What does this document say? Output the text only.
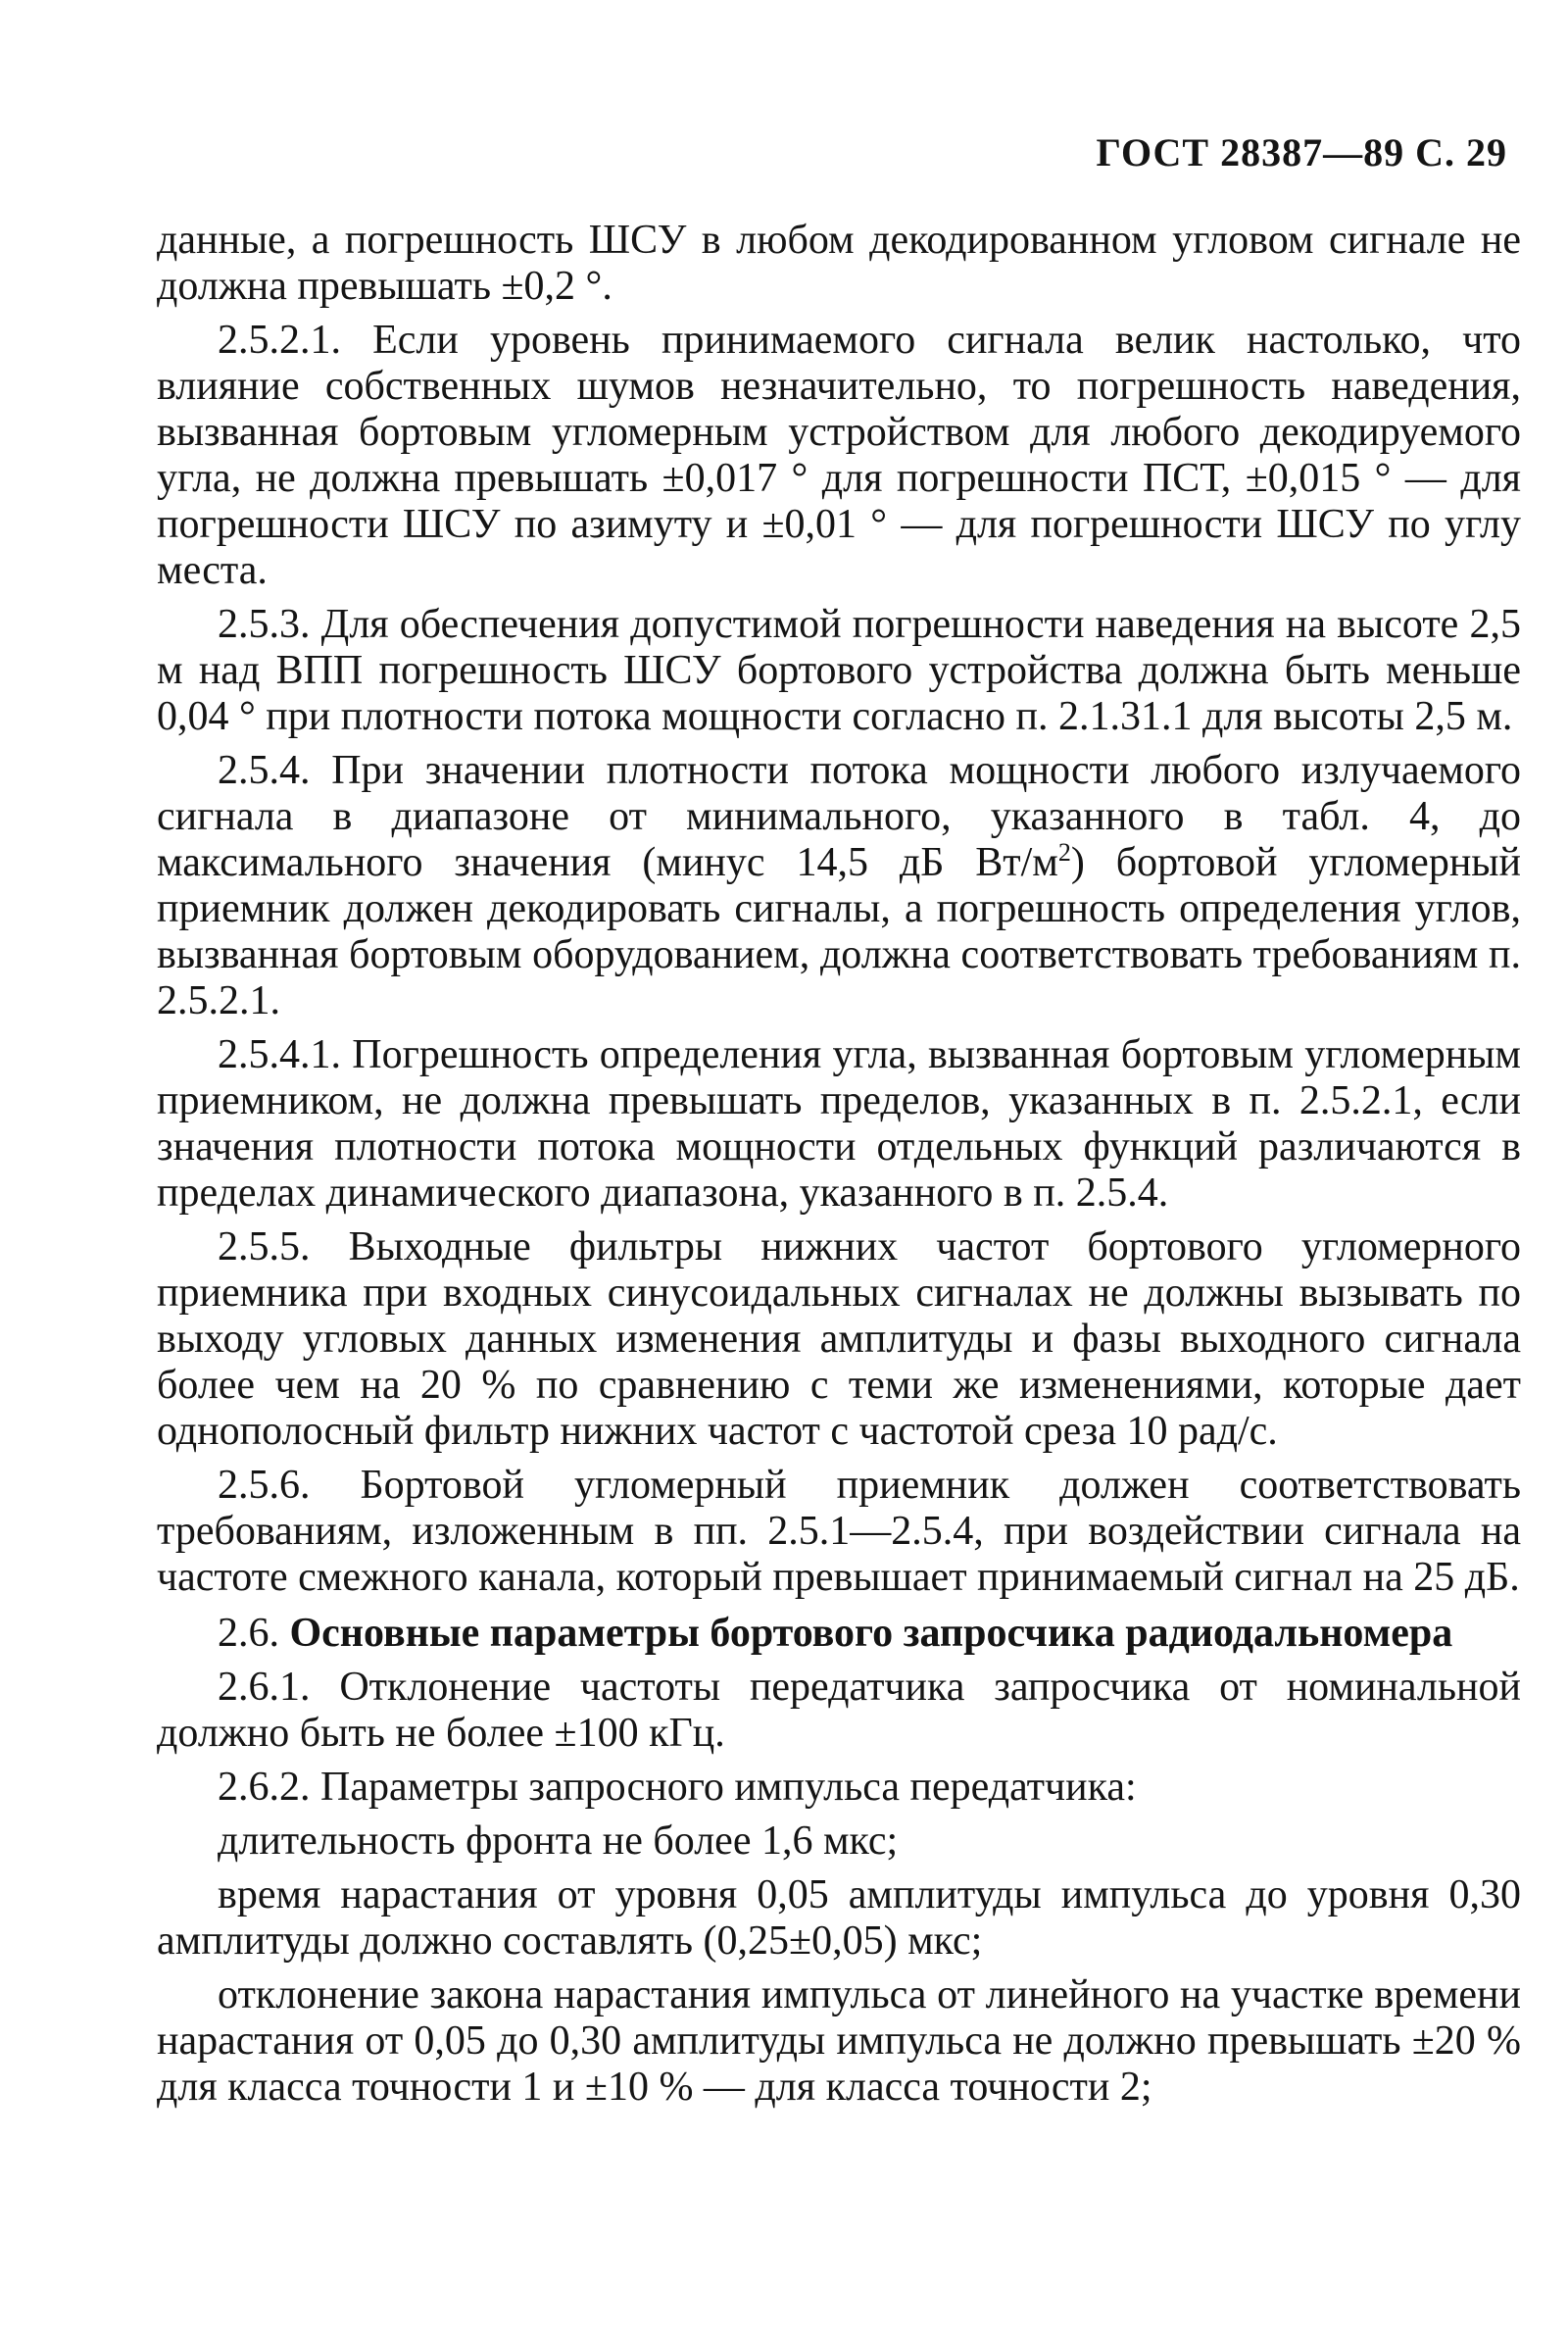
ГОСТ 28387—89 С. 29

данные, а погрешность ШСУ в любом декодированном угловом сигнале не должна превышать ±0,2 °.

2.5.2.1. Если уровень принимаемого сигнала велик настолько, что влияние собственных шумов незначительно, то погрешность наведения, вызванная бортовым угломерным устройством для любого декодируемого угла, не должна превышать ±0,017 ° для погрешности ПСТ, ±0,015 ° — для погрешности ШСУ по азимуту и ±0,01 ° — для погрешности ШСУ по углу места.

2.5.3. Для обеспечения допустимой погрешности наведения на высоте 2,5 м над ВПП погрешность ШСУ бортового устройства должна быть меньше 0,04 ° при плотности потока мощности согласно п. 2.1.31.1 для высоты 2,5 м.

2.5.4. При значении плотности потока мощности любого излучаемого сигнала в диапазоне от минимального, указанного в табл. 4, до максимального значения (минус 14,5 дБ $Вт/м^2$) бортовой угломерный приемник должен декодировать сигналы, а погрешность определения углов, вызванная бортовым оборудованием, должна соответствовать требованиям п. 2.5.2.1.

2.5.4.1. Погрешность определения угла, вызванная бортовым угломерным приемником, не должна превышать пределов, указанных в п. 2.5.2.1, если значения плотности потока мощности отдельных функций различаются в пределах динамического диапазона, указанного в п. 2.5.4.

2.5.5. Выходные фильтры нижних частот бортового угломерного приемника при входных синусоидальных сигналах не должны вызывать по выходу угловых данных изменения амплитуды и фазы выходного сигнала более чем на 20 % по сравнению с теми же изменениями, которые дает однополосный фильтр нижних частот с частотой среза 10 рад/с.

2.5.6. Бортовой угломерный приемник должен соответствовать требованиям, изложенным в пп. 2.5.1—2.5.4, при воздействии сигнала на частоте смежного канала, который превышает принимаемый сигнал на 25 дБ.

2.6. Основные параметры бортового запросчика радиодальномера

2.6.1. Отклонение частоты передатчика запросчика от номинальной должно быть не более ±100 кГц.

2.6.2. Параметры запросного импульса передатчика:

длительность фронта не более 1,6 мкс;

время нарастания от уровня 0,05 амплитуды импульса до уровня 0,30 амплитуды должно составлять (0,25±0,05) мкс;

отклонение закона нарастания импульса от линейного на участке времени нарастания от 0,05 до 0,30 амплитуды импульса не должно превышать ±20 % для класса точности 1 и ±10 % — для класса точности 2;
